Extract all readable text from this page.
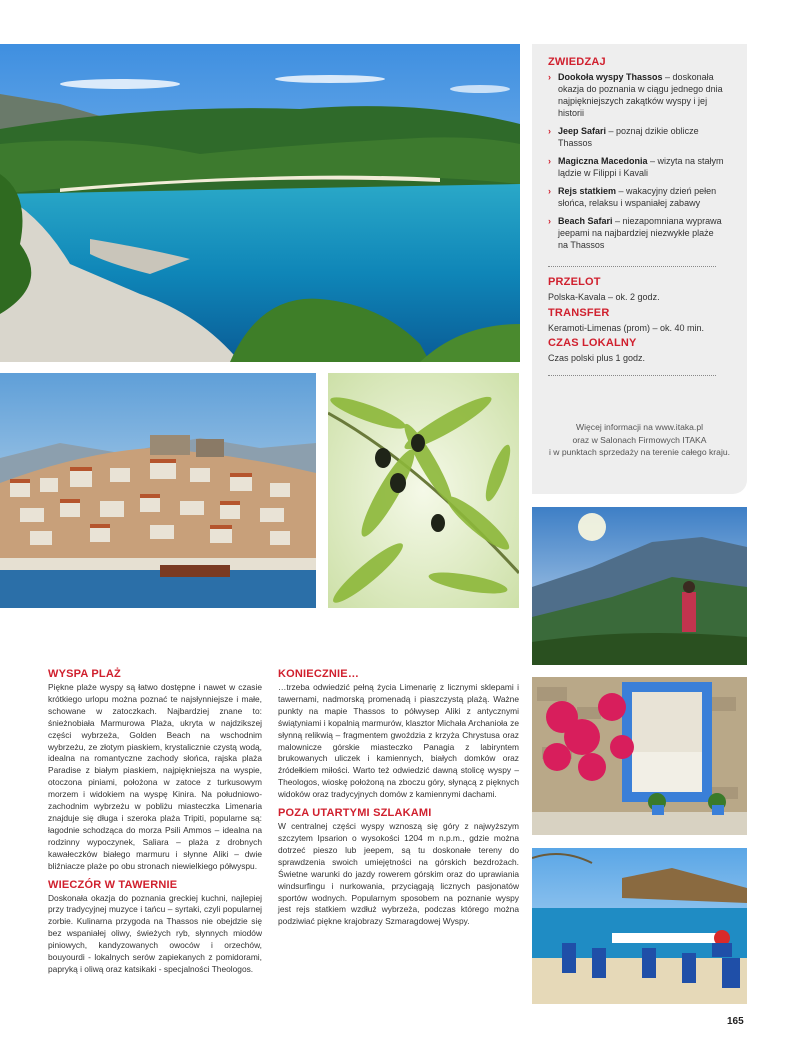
ZWIEDZAJ
› Dookoła wyspy Thassos – doskonała okazja do poznania w ciągu jednego dnia najpiękniejszych zakątków wyspy i jej historii
› Jeep Safari – poznaj dzikie oblicze Thassos
› Magiczna Macedonia – wizyta na stałym lądzie w Filippi i Kavali
› Rejs statkiem – wakacyjny dzień pełen słońca, relaksu i wspaniałej zabawy
› Beach Safari – niezapomniana wyprawa jeepami na najbardziej niezwykłe plaże na Thassos
PRZELOT
Polska-Kavala – ok. 2 godz.
TRANSFER
Keramoti-Limenas (prom) – ok. 40 min.
CZAS LOKALNY
Czas polski plus 1 godz.
Więcej informacji na www.itaka.pl
oraz w Salonach Firmowych ITAKA
i w punktach sprzedaży na terenie całego kraju.
WYSPA PLAŻ
Piękne plaże wyspy są łatwo dostępne i nawet w czasie krótkiego urlopu można poznać te najsłynniejsze i małe, schowane w zatoczkach. Najbardziej znane to: śnieżnobiała Marmurowa Plaża, ukryta w najdzikszej części wybrzeża, Golden Beach na wschodnim wybrzeżu, ze złotym piaskiem, krystalicznie czystą wodą, idealna na romantyczne zachody słońca, rajska plaża Paradise z białym piaskiem, najpiękniejsza na wyspie, otoczona piniami, położona w zatoce z turkusowym morzem i widokiem na wyspę Kinira. Na południowo-zachodnim wybrzeżu w pobliżu miasteczka Limenaria znajduje się długa i szeroka plaża Tripiti, popularne są: łagodnie schodząca do morza Psili Ammos – idealna na rodzinny wypoczynek, Saliara – plaża z drobnych kawałeczków białego marmuru i słynne Aliki – dwie bliźniacze plaże po obu stronach niewielkiego półwyspu.
WIECZÓR W TAWERNIE
Doskonała okazja do poznania greckiej kuchni, najlepiej przy tradycyjnej muzyce i tańcu – syrtaki, czyli popularnej zorbie. Kulinarna przygoda na Thassos nie obejdzie się bez wspaniałej oliwy, świeżych ryb, słynnych miodów piniowych, kandyzowanych owoców i orzechów, bouyourdi - lokalnych serów zapiekanych z pomidorami, papryką i oliwą oraz katsikaki - specjalności Theologos.
KONIECZNIE…
…trzeba odwiedzić pełną życia Limenarię z licznymi sklepami i tawernami, nadmorską promenadą i piaszczystą plażą. Ważne punkty na mapie Thassos to półwysep Aliki z antycznymi świątyniami i kopalnią marmurów, klasztor Michała Archanioła ze słynną relikwią – fragmentem gwoździa z krzyża Chrystusa oraz malownicze górskie miasteczko Panagia z labiryntem brukowanych uliczek i kamiennych, białych domków oraz źródełkiem miłości. Warto też odwiedzić dawną stolicę wyspy – Theologos, wioskę położoną na zboczu góry, słynącą z pięknych widoków oraz tradycyjnych domów z kamiennymi dachami.
POZA UTARTYMI SZLAKAMI
W centralnej części wyspy wznoszą się góry z najwyższym szczytem Ipsarion o wysokości 1204 m n.p.m., gdzie można dotrzeć pieszo lub jeepem, są tu doskonałe tereny do sprawdzenia swoich umiejętności na górskich bezdrożach. Świetne warunki do jazdy rowerem górskim oraz do uprawiania windsurfingu i nurkowania, przyciągają licznych pasjonatów sportów wodnych. Popularnym sposobem na poznanie wyspy jest rejs statkiem wzdłuż wybrzeża, podczas którego można podziwiać piękne krajobrazy Szmaragdowej Wyspy.
165
